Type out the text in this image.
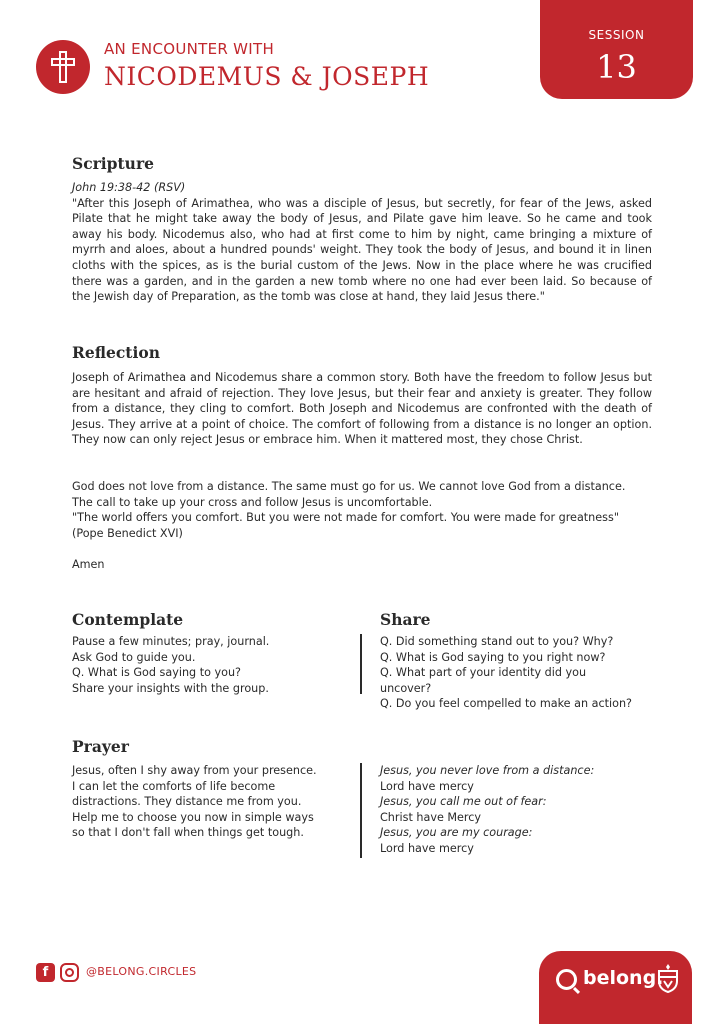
AN ENCOUNTER WITH
NICODEMUS & JOSEPH
SESSION
13
Scripture

John 19:38-42 (RSV)

"After this Joseph of Arimathea, who was a disciple of Jesus, but secretly, for fear of the Jews, asked Pilate that he might take away the body of Jesus, and Pilate gave him leave. So he came and took away his body. Nicodemus also, who had at first come to him by night, came bringing a mixture of myrrh and aloes, about a hundred pounds' weight. They took the body of Jesus, and bound it in linen cloths with the spices, as is the burial custom of the Jews. Now in the place where he was crucified there was a garden, and in the garden a new tomb where no one had ever been laid. So because of the Jewish day of Preparation, as the tomb was close at hand, they laid Jesus there."

Reflection
Joseph of Arimathea and Nicodemus share a common story. Both have the freedom to follow Jesus but are hesitant and afraid of rejection. They love Jesus, but their fear and anxiety is greater. They follow from a distance, they cling to comfort. Both Joseph and Nicodemus are confronted with the death of Jesus. They arrive at a point of choice. The comfort of following from a distance is no longer an option. They now can only reject Jesus or embrace him. When it mattered most, they chose Christ.
God does not love from a distance. The same must go for us. We cannot love God from a distance.
The call to take up your cross and follow Jesus is uncomfortable.
"The world offers you comfort. But you were not made for comfort. You were made for greatness"
(Pope Benedict XVI)
Amen
Contemplate
Pause a few minutes; pray, journal.
Ask God to guide you.
Q. What is God saying to you?
Share your insights with the group.
Share
Q. Did something stand out to you? Why?
Q. What is God saying to you right now?
Q. What part of your identity did you
uncover?
Q. Do you feel compelled to make an action?
Prayer
Jesus, often I shy away from your presence.
I can let the comforts of life become
distractions. They distance me from you.
Help me to choose you now in simple ways
so that I don't fall when things get tough.
Jesus, you never love from a distance:
Lord have mercy
Jesus, you call me out of fear:
Christ have Mercy
Jesus, you are my courage:
Lord have mercy
f	@BELONG.CIRCLES	belong.
